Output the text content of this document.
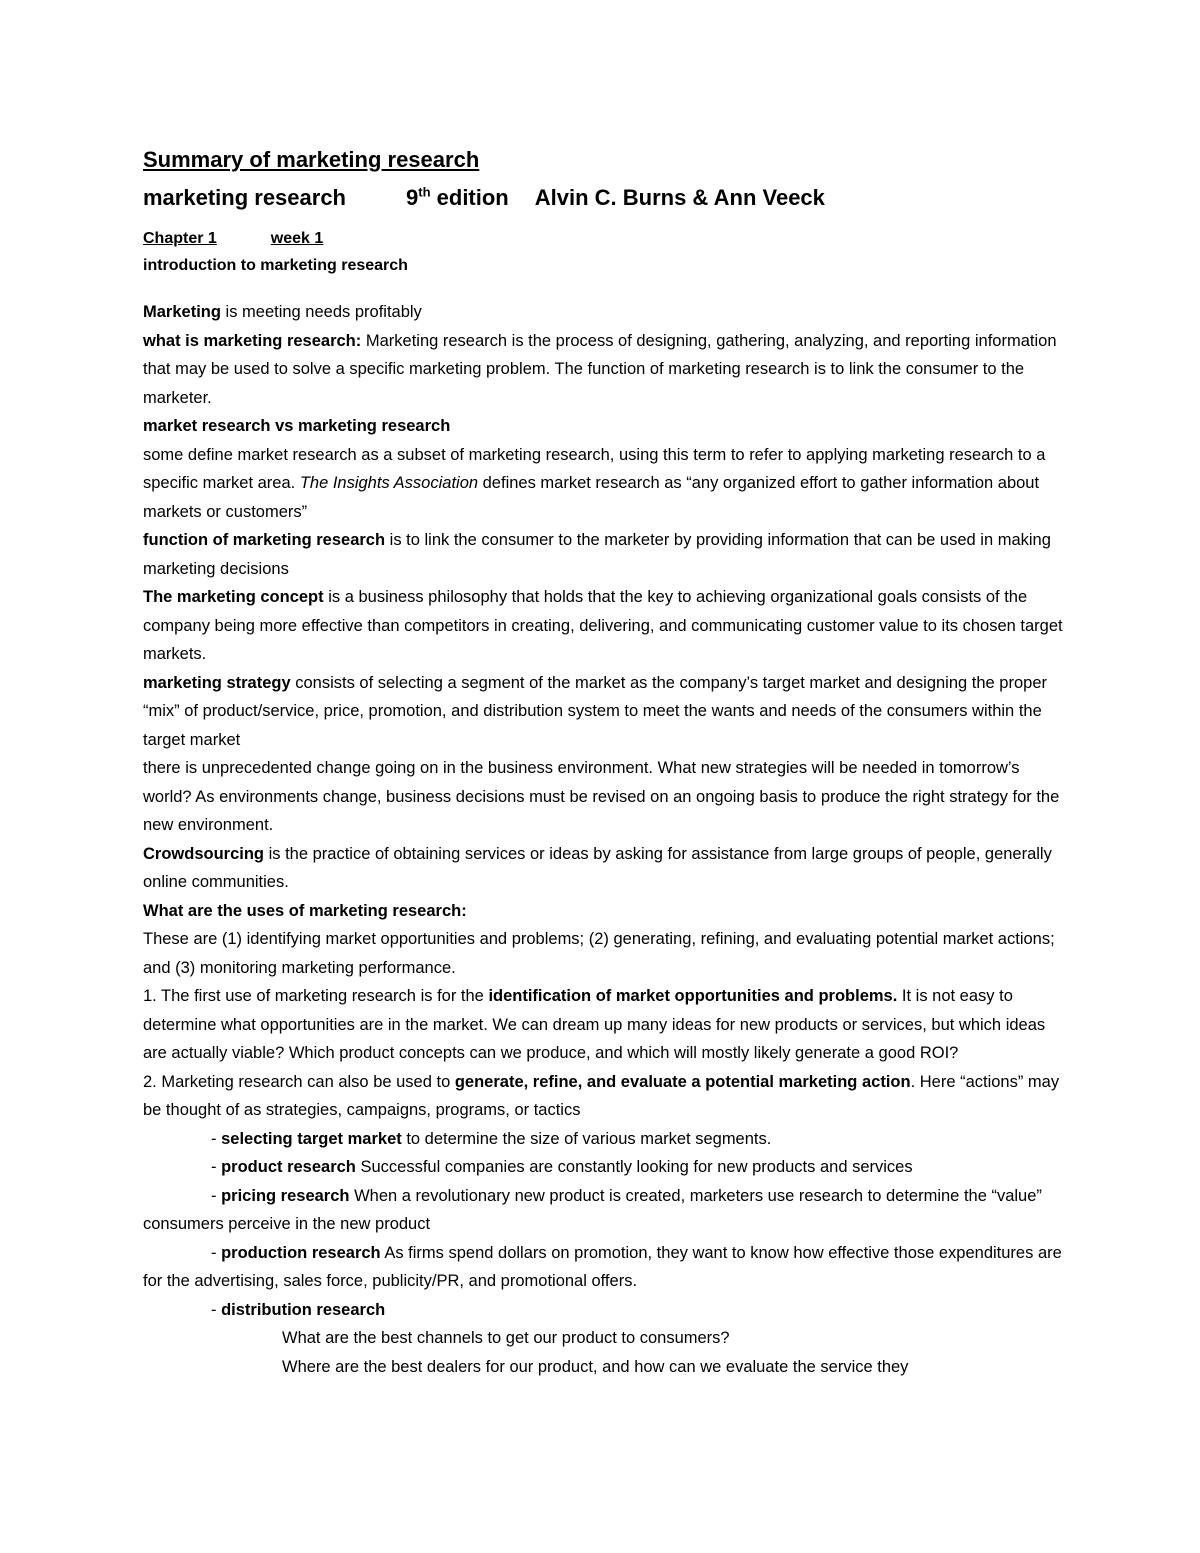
Summary of marketing research

marketing research	9th edition Alvin C. Burns & Ann Veeck
Chapter 1	week 1
introduction to marketing research

Marketing is meeting needs profitably

what is marketing research: Marketing research is the process of designing, gathering, analyzing, and reporting information that may be used to solve a specific marketing problem. The function of marketing research is to link the consumer to the marketer.

market research vs marketing research

some define market research as a subset of marketing research, using this term to refer to applying marketing research to a specific market area. The Insights Association defines market research as “any organized effort to gather information about markets or customers”

function of marketing research is to link the consumer to the marketer by providing information that can be used in making marketing decisions

The marketing concept is a business philosophy that holds that the key to achieving organizational goals consists of the company being more effective than competitors in creating, delivering, and communicating customer value to its chosen target markets.

marketing strategy consists of selecting a segment of the market as the company’s target market and designing the proper “mix” of product/service, price, promotion, and distribution system to meet the wants and needs of the consumers within the target market

there is unprecedented change going on in the business environment. What new strategies will be needed in tomorrow’s world? As environments change, business decisions must be revised on an ongoing basis to produce the right strategy for the new environment.

Crowdsourcing is the practice of obtaining services or ideas by asking for assistance from large groups of people, generally online communities.

What are the uses of marketing research:

These are (1) identifying market opportunities and problems; (2) generating, refining, and evaluating potential market actions; and (3) monitoring marketing performance.

1. The first use of marketing research is for the identification of market opportunities and problems. It is not easy to determine what opportunities are in the market. We can dream up many ideas for new products or services, but which ideas are actually viable? Which product concepts can we produce, and which will mostly likely generate a good ROI?

2. Marketing research can also be used to generate, refine, and evaluate a potential marketing action. Here “actions” may be thought of as strategies, campaigns, programs, or tactics

- selecting target market to determine the size of various market segments.

- product research Successful companies are constantly looking for new products and services

- pricing research When a revolutionary new product is created, marketers use research to determine the “value” consumers perceive in the new product

- production research As firms spend dollars on promotion, they want to know how effective those expenditures are for the advertising, sales force, publicity/PR, and promotional offers.

- distribution research

What are the best channels to get our product to consumers?

Where are the best dealers for our product, and how can we evaluate the service they
